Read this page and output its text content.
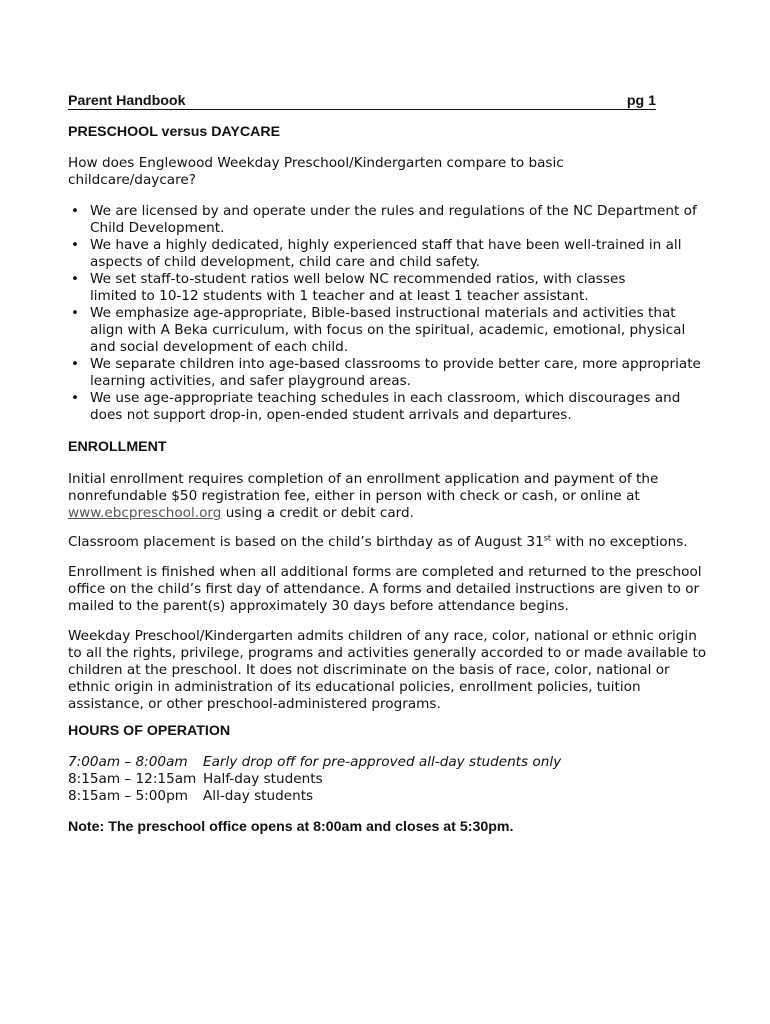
Parent Handbook	pg 1
PRESCHOOL versus DAYCARE

How does Englewood Weekday Preschool/Kindergarten compare to basic childcare/daycare?

• We are licensed by and operate under the rules and regulations of the NC Department of Child Development.
• We have a highly dedicated, highly experienced staff that have been well-trained in all aspects of child development, child care and child safety.
• We set staff-to-student ratios well below NC recommended ratios, with classes limited to 10-12 students with 1 teacher and at least 1 teacher assistant.
• We emphasize age-appropriate, Bible-based instructional materials and activities that align with A Beka curriculum, with focus on the spiritual, academic, emotional, physical and social development of each child.
• We separate children into age-based classrooms to provide better care, more appropriate learning activities, and safer playground areas.
• We use age-appropriate teaching schedules in each classroom, which discourages and does not support drop-in, open-ended student arrivals and departures.
ENROLLMENT

Initial enrollment requires completion of an enrollment application and payment of the nonrefundable $50 registration fee, either in person with check or cash, or online at www.ebcpreschool.org using a credit or debit card.

Classroom placement is based on the child’s birthday as of August 31st with no exceptions.

Enrollment is finished when all additional forms are completed and returned to the preschool office on the child’s first day of attendance. A forms and detailed instructions are given to or mailed to the parent(s) approximately 30 days before attendance begins.

Weekday Preschool/Kindergarten admits children of any race, color, national or ethnic origin to all the rights, privilege, programs and activities generally accorded to or made available to children at the preschool. It does not discriminate on the basis of race, color, national or ethnic origin in administration of its educational policies, enrollment policies, tuition assistance, or other preschool-administered programs.

HOURS OF OPERATION
7:00am – 8:00am	Early drop off for pre-approved all-day students only
8:15am – 12:15am Half-day students
8:15am – 5:00pm	All-day students

Note: The preschool office opens at 8:00am and closes at 5:30pm.
